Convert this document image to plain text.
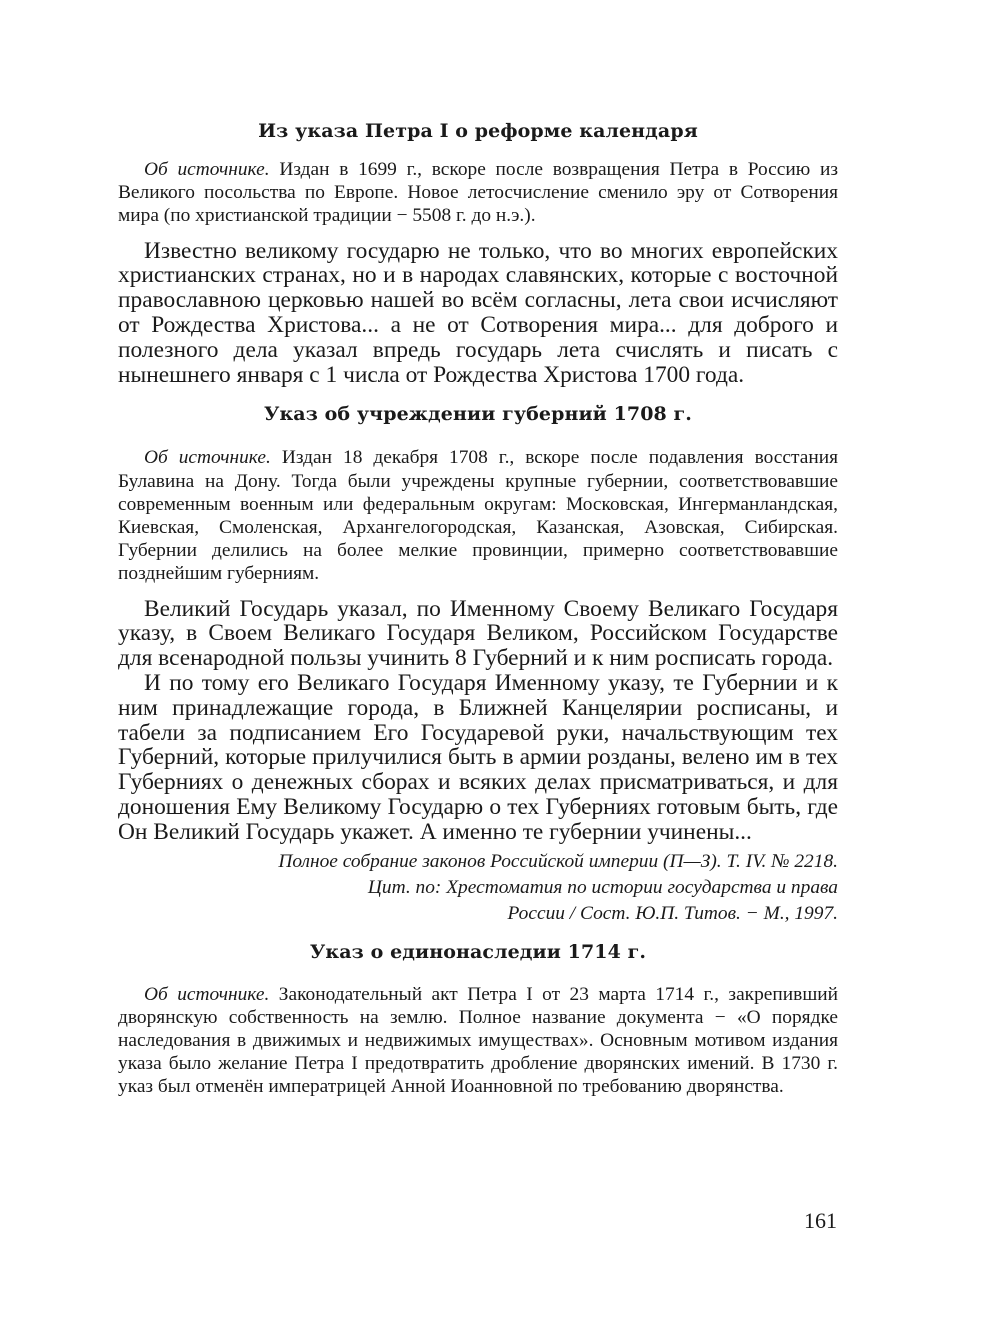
Из указа Петра I о реформе календаря

Об источнике. Издан в 1699 г., вскоре после возвращения Петра в Россию из Великого посольства по Европе. Новое летосчисление сменило эру от Сотворения мира (по христианской традиции − 5508 г. до н.э.).

Известно великому государю не только, что во многих европейских христианских странах, но и в народах славянских, которые с восточной православною церковью нашей во всём согласны, лета свои исчисляют от Рождества Христова... а не от Сотворения мира... для доброго и полезного дела указал впредь государь лета счислять и писать с нынешнего января с 1 числа от Рождества Христова 1700 года.

Указ об учреждении губерний 1708 г.

Об источнике. Издан 18 декабря 1708 г., вскоре после подавления восстания Булавина на Дону. Тогда были учреждены крупные губернии, соответствовавшие современным военным или федеральным округам: Московская, Ингерманландская, Киевская, Смоленская, Архангелогородская, Казанская, Азовская, Сибирская. Губернии делились на более мелкие провинции, примерно соответствовавшие позднейшим губерниям.

Великий Государь указал, по Именному Своему Великаго Государя указу, в Своем Великаго Государя Великом, Российском Государстве для всенародной пользы учинить 8 Губерний и к ним росписать города.

И по тому его Великаго Государя Именному указу, те Губернии и к ним принадлежащие города, в Ближней Канцелярии росписаны, и табели за подписанием Его Государевой руки, начальствующим тех Губерний, которые прилучилися быть в армии розданы, велено им в тех Губерниях о денежных сборах и всяких делах присматриваться, и для доношения Ему Великому Государю о тех Губерниях готовым быть, где Он Великий Государь укажет. А именно те губернии учинены...

Полное собрание законов Российской империи (П—З). Т. IV. № 2218.
Цит. по: Хрестоматия по истории государства и права
России / Сост. Ю.П. Титов. − М., 1997.
Указ о единонаследии 1714 г.

Об источнике. Законодательный акт Петра I от 23 марта 1714 г., закрепивший дворянскую собственность на землю. Полное название документа − «О порядке наследования в движимых и недвижимых имуществах». Основным мотивом издания указа было желание Петра I предотвратить дробление дворянских имений. В 1730 г. указ был отменён императрицей Анной Иоанновной по требованию дворянства.

161
